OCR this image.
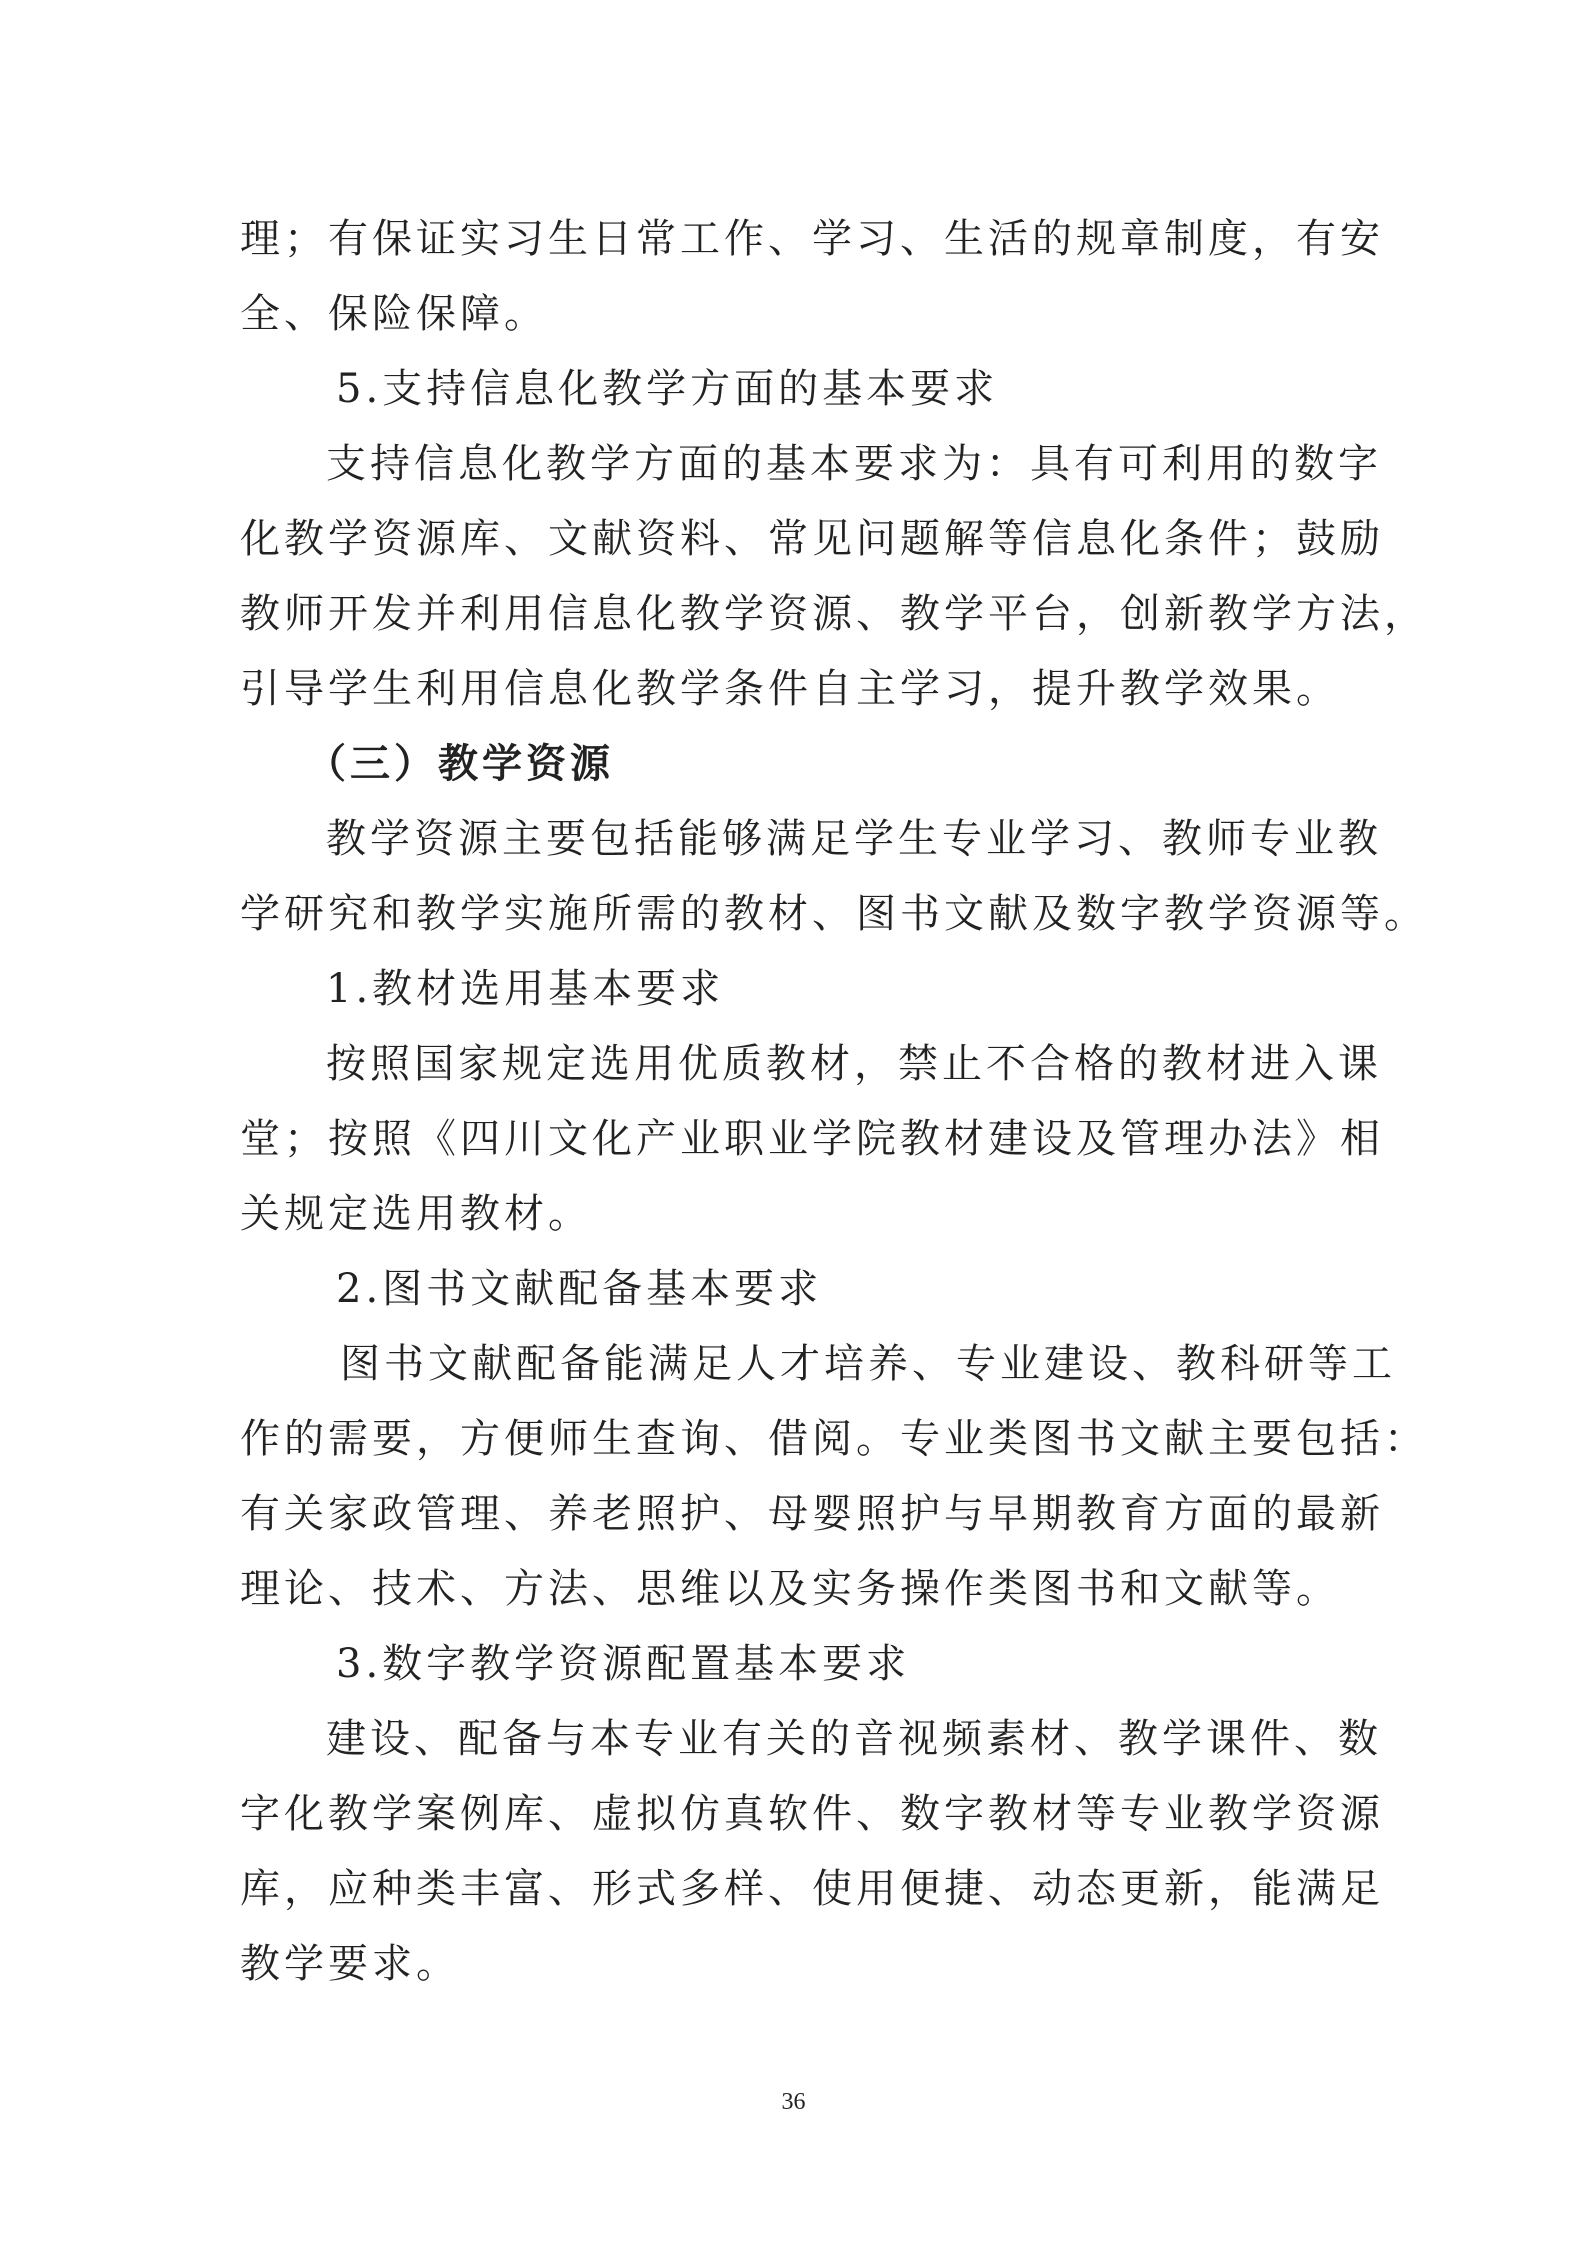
理；有保证实习生日常工作、学习、生活的规章制度，有安
全、保险保障。
5.支持信息化教学方面的基本要求
支持信息化教学方面的基本要求为：具有可利用的数字
化教学资源库、文献资料、常见问题解等信息化条件；鼓励
教师开发并利用信息化教学资源、教学平台，创新教学方法，
引导学生利用信息化教学条件自主学习，提升教学效果。
（三）教学资源
教学资源主要包括能够满足学生专业学习、教师专业教
学研究和教学实施所需的教材、图书文献及数字教学资源等。
1.教材选用基本要求
按照国家规定选用优质教材，禁止不合格的教材进入课
堂；按照《四川文化产业职业学院教材建设及管理办法》相
关规定选用教材。
2.图书文献配备基本要求
图书文献配备能满足人才培养、专业建设、教科研等工
作的需要，方便师生查询、借阅。专业类图书文献主要包括：
有关家政管理、养老照护、母婴照护与早期教育方面的最新
理论、技术、方法、思维以及实务操作类图书和文献等。
3.数字教学资源配置基本要求
建设、配备与本专业有关的音视频素材、教学课件、数
字化教学案例库、虚拟仿真软件、数字教材等专业教学资源
库，应种类丰富、形式多样、使用便捷、动态更新，能满足
教学要求。
36
